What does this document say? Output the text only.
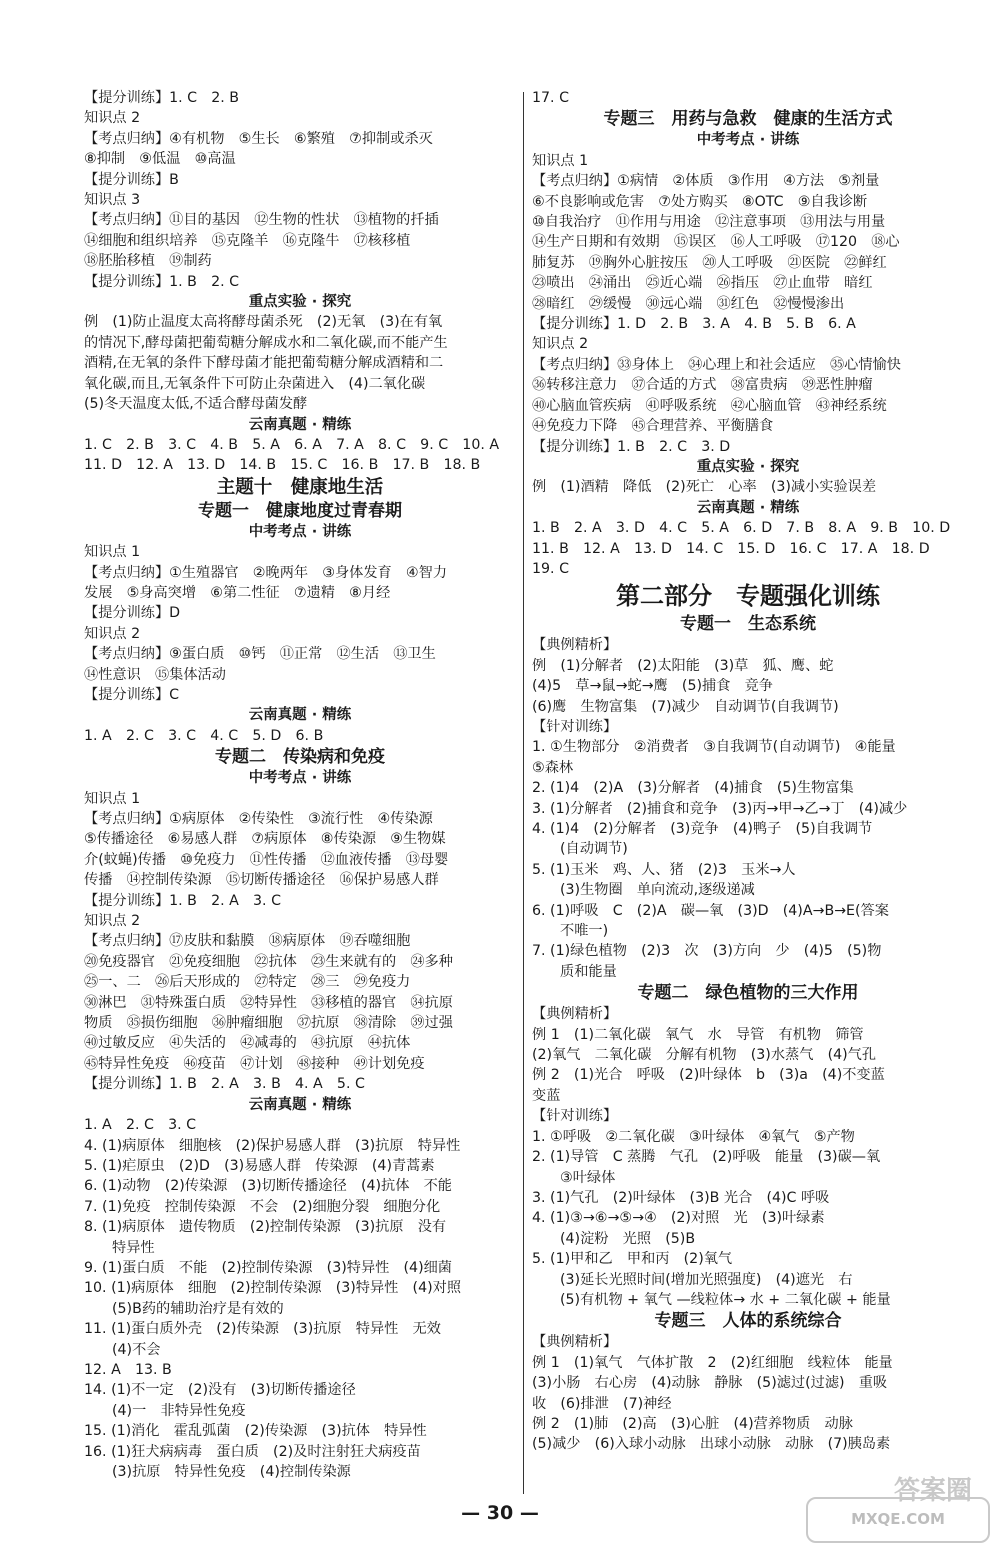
【提分训练】1. C　2. B
知识点 2
【考点归纳】④有机物　⑤生长　⑥繁殖　⑦抑制或杀灭
⑧抑制　⑨低温　⑩高温
【提分训练】B
知识点 3
【考点归纳】⑪目的基因　⑫生物的性状　⑬植物的扦插
⑭细胞和组织培养　⑮克隆羊　⑯克隆牛　⑰核移植
⑱胚胎移植　⑲制药
【提分训练】1. B　2. C
重点实验 · 探究
例　(1)防止温度太高将酵母菌杀死　(2)无氧　(3)在有氧
的情况下,酵母菌把葡萄糖分解成水和二氧化碳,而不能产生
酒精,在无氧的条件下酵母菌才能把葡萄糖分解成酒精和二
氧化碳,而且,无氧条件下可防止杂菌进入　(4)二氧化碳
(5)冬天温度太低,不适合酵母菌发酵
云南真题 · 精练
1. C　2. B　3. C　4. B　5. A　6. A　7. A　8. C　9. C　10. A
11. D　12. A　13. D　14. B　15. C　16. B　17. B　18. B
主题十　健康地生活
专题一　健康地度过青春期
中考考点 · 讲练
知识点 1
【考点归纳】①生殖器官　②晚两年　③身体发育　④智力
发展　⑤身高突增　⑥第二性征　⑦遗精　⑧月经
【提分训练】D
知识点 2
【考点归纳】⑨蛋白质　⑩钙　⑪正常　⑫生活　⑬卫生
⑭性意识　⑮集体活动
【提分训练】C
云南真题 · 精练
1. A　2. C　3. C　4. C　5. D　6. B
专题二　传染病和免疫
中考考点 · 讲练
知识点 1
【考点归纳】①病原体　②传染性　③流行性　④传染源
⑤传播途径　⑥易感人群　⑦病原体　⑧传染源　⑨生物媒
介(蚊蝇)传播　⑩免疫力　⑪性传播　⑫血液传播　⑬母婴
传播　⑭控制传染源　⑮切断传播途径　⑯保护易感人群
【提分训练】1. B　2. A　3. C
知识点 2
【考点归纳】⑰皮肤和黏膜　⑱病原体　⑲吞噬细胞
⑳免疫器官　㉑免疫细胞　㉒抗体　㉓生来就有的　㉔多种
㉕一、二　㉖后天形成的　㉗特定　㉘三　㉙免疫力
㉚淋巴　㉛特殊蛋白质　㉜特异性　㉝移植的器官　㉞抗原
物质　㉟损伤细胞　㊱肿瘤细胞　㊲抗原　㊳清除　㊴过强
㊵过敏反应　㊶失活的　㊷减毒的　㊸抗原　㊹抗体
㊺特异性免疫　㊻疫苗　㊼计划　㊽接种　㊾计划免疫
【提分训练】1. B　2. A　3. B　4. A　5. C
云南真题 · 精练
1. A　2. C　3. C
4. (1)病原体　细胞核　(2)保护易感人群　(3)抗原　特异性
5. (1)疟原虫　(2)D　(3)易感人群　传染源　(4)青蒿素
6. (1)动物　(2)传染源　(3)切断传播途径　(4)抗体　不能
7. (1)免疫　控制传染源　不会　(2)细胞分裂　细胞分化
8. (1)病原体　遗传物质　(2)控制传染源　(3)抗原　没有
特异性
9. (1)蛋白质　不能　(2)控制传染源　(3)特异性　(4)细菌
10. (1)病原体　细胞　(2)控制传染源　(3)特异性　(4)对照
(5)B药的辅助治疗是有效的
11. (1)蛋白质外壳　(2)传染源　(3)抗原　特异性　无效
(4)不会
12. A　13. B
14. (1)不一定　(2)没有　(3)切断传播途径
(4)一　非特异性免疫
15. (1)消化　霍乱弧菌　(2)传染源　(3)抗体　特异性
16. (1)狂犬病病毒　蛋白质　(2)及时注射狂犬病疫苗
(3)抗原　特异性免疫　(4)控制传染源
17. C
专题三　用药与急救　健康的生活方式
中考考点 · 讲练
知识点 1
【考点归纳】①病情　②体质　③作用　④方法　⑤剂量
⑥不良影响或危害　⑦处方购买　⑧OTC　⑨自我诊断
⑩自我治疗　⑪作用与用途　⑫注意事项　⑬用法与用量
⑭生产日期和有效期　⑮误区　⑯人工呼吸　⑰120　⑱心
肺复苏　⑲胸外心脏按压　⑳人工呼吸　㉑医院　㉒鲜红
㉓喷出　㉔涌出　㉕近心端　㉖指压　㉗止血带　暗红
㉘暗红　㉙缓慢　㉚远心端　㉛红色　㉜慢慢渗出
【提分训练】1. D　2. B　3. A　4. B　5. B　6. A
知识点 2
【考点归纳】㉝身体上　㉞心理上和社会适应　㉟心情愉快
㊱转移注意力　㊲合适的方式　㊳富贵病　㊴恶性肿瘤
㊵心脑血管疾病　㊶呼吸系统　㊷心脑血管　㊸神经系统
㊹免疫力下降　㊺合理营养、平衡膳食
【提分训练】1. B　2. C　3. D
重点实验 · 探究
例　(1)酒精　降低　(2)死亡　心率　(3)减小实验误差
云南真题 · 精练
1. B　2. A　3. D　4. C　5. A　6. D　7. B　8. A　9. B　10. D
11. B　12. A　13. D　14. C　15. D　16. C　17. A　18. D
19. C
第二部分　专题强化训练
专题一　生态系统
【典例精析】
例　(1)分解者　(2)太阳能　(3)草　狐、鹰、蛇
(4)5　草→鼠→蛇→鹰　(5)捕食　竞争
(6)鹰　生物富集　(7)减少　自动调节(自我调节)
【针对训练】
1. ①生物部分　②消费者　③自我调节(自动调节)　④能量
⑤森林
2. (1)4　(2)A　(3)分解者　(4)捕食　(5)生物富集
3. (1)分解者　(2)捕食和竞争　(3)丙→甲→乙→丁　(4)减少
4. (1)4　(2)分解者　(3)竞争　(4)鸭子　(5)自我调节
(自动调节)
5. (1)玉米　鸡、人、猪　(2)3　玉米→人
(3)生物圈　单向流动,逐级递减
6. (1)呼吸　C　(2)A　碳—氧　(3)D　(4)A→B→E(答案
不唯一)
7. (1)绿色植物　(2)3　次　(3)方向　少　(4)5　(5)物
质和能量
专题二　绿色植物的三大作用
【典例精析】
例 1　(1)二氧化碳　氧气　水　导管　有机物　筛管
(2)氧气　二氧化碳　分解有机物　(3)水蒸气　(4)气孔
例 2　(1)光合　呼吸　(2)叶绿体　b　(3)a　(4)不变蓝
变蓝
【针对训练】
1. ①呼吸　②二氧化碳　③叶绿体　④氧气　⑤产物
2. (1)导管　C 蒸腾　气孔　(2)呼吸　能量　(3)碳—氧
③叶绿体
3. (1)气孔　(2)叶绿体　(3)B 光合　(4)C 呼吸
4. (1)③→⑥→⑤→④　(2)对照　光　(3)叶绿素
(4)淀粉　光照　(5)B
5. (1)甲和乙　甲和丙　(2)氧气
(3)延长光照时间(增加光照强度)　(4)遮光　右
(5)有机物 + 氧气 —线粒体→ 水 + 二氧化碳 + 能量
专题三　人体的系统综合
【典例精析】
例 1　(1)氧气　气体扩散　2　(2)红细胞　线粒体　能量
(3)小肠　右心房　(4)动脉　静脉　(5)滤过(过滤)　重吸
收　(6)排泄　(7)神经
例 2　(1)肺　(2)高　(3)心脏　(4)营养物质　动脉
(5)减少　(6)入球小动脉　出球小动脉　动脉　(7)胰岛素
— 30 —
答案圈
MXQE.COM
